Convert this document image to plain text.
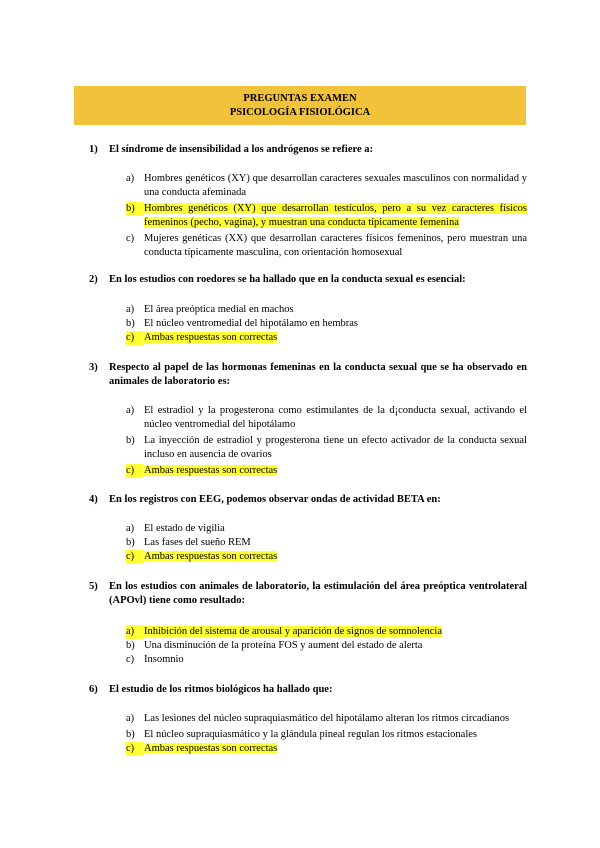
PREGUNTAS EXAMEN
PSICOLOGÍA FISIOLÓGICA
1)	El síndrome de insensibilidad a los andrógenos se refiere a:

a) Hombres genéticos (XY) que desarrollan caracteres sexuales masculinos con normalidad y una conducta afeminada

b) Hombres genéticos (XY) que desarrollan testículos, pero a su vez caracteres físicos femeninos (pecho, vagina), y muestran una conducta típicamente femenina

c) Mujeres genéticas (XX) que desarrollan caracteres físicos femeninos, pero muestran una conducta típicamente masculina, con orientación homosexual

2)	En los estudios con roedores se ha hallado que en la conducta sexual es esencial:

a) El área preóptica medial en machos

b) El núcleo ventromedial del hipotálamo en hembras

c) Ambas respuestas son correctas

3)	Respecto al papel de las hormonas femeninas en la conducta sexual que se ha observado en animales de laboratorio es:

a) El estradiol y la progesterona como estimulantes de la d¡conducta sexual, activando el núcleo ventromedial del hipotálamo

b) La inyección de estradiol y progesterona tiene un efecto activador de la conducta sexual incluso en ausencia de ovarios

c) Ambas respuestas son correctas

4)	En los registros con EEG, podemos observar ondas de actividad BETA en:

a) El estado de vigilia

b) Las fases del sueño REM

c) Ambas respuestas son correctas

5)	En los estudios con animales de laboratorio, la estimulación del área preóptica ventrolateral (APOvl) tiene como resultado:

a) Inhibición del sistema de arousal y aparición de signos de somnolencia

b) Una disminución de la proteína FOS y aument del estado de alerta

c) Insomnio

6)	El estudio de los ritmos biológicos ha hallado que:

a) Las lesiones del núcleo supraquiasmático del hipotálamo alteran los ritmos circadianos

b) El núcleo supraquiasmático y la glándula pineal regulan los ritmos estacionales

c) Ambas respuestas son correctas
